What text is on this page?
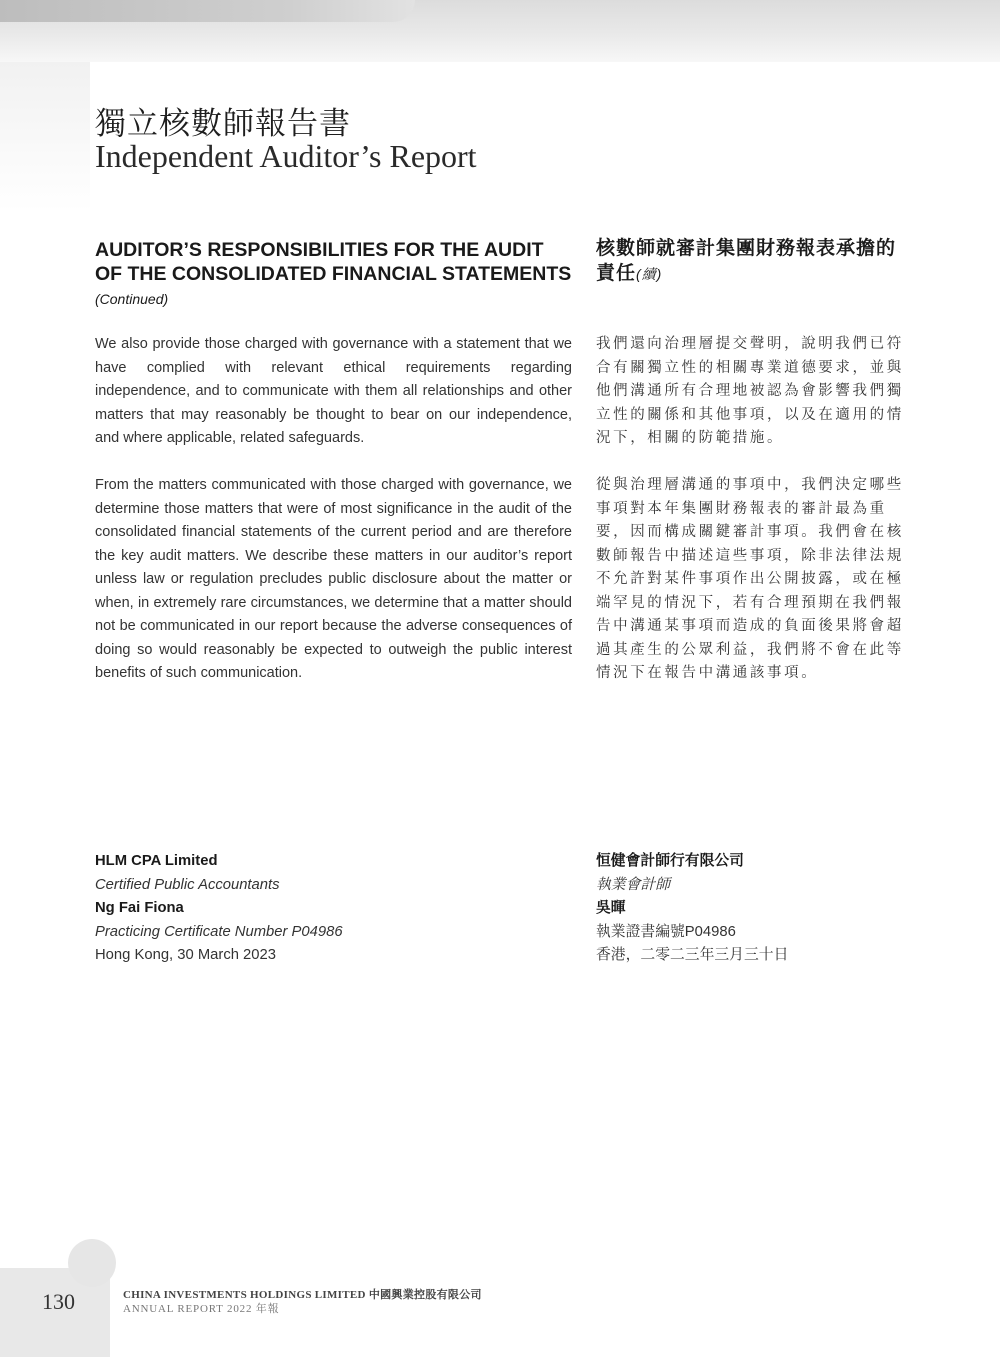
獨立核數師報告書
Independent Auditor’s Report
AUDITOR’S RESPONSIBILITIES FOR THE AUDIT OF THE CONSOLIDATED FINANCIAL STATEMENTS (Continued)
核數師就審計集團財務報表承擔的責任(續)

We also provide those charged with governance with a statement that we have complied with relevant ethical requirements regarding independence, and to communicate with them all relationships and other matters that may reasonably be thought to bear on our independence, and where applicable, related safeguards.

From the matters communicated with those charged with governance, we determine those matters that were of most significance in the audit of the consolidated financial statements of the current period and are therefore the key audit matters. We describe these matters in our auditor’s report unless law or regulation precludes public disclosure about the matter or when, in extremely rare circumstances, we determine that a matter should not be communicated in our report because the adverse consequences of doing so would reasonably be expected to outweigh the public interest benefits of such communication.

我們還向治理層提交聲明，說明我們已符合有關獨立性的相關專業道德要求，並與他們溝通所有合理地被認為會影響我們獨立性的關係和其他事項，以及在適用的情況下，相關的防範措施。

從與治理層溝通的事項中，我們決定哪些事項對本年集團財務報表的審計最為重要，因而構成關鍵審計事項。我們會在核數師報告中描述這些事項，除非法律法規不允許對某件事項作出公開披露，或在極端罕見的情況下，若有合理預期在我們報告中溝通某事項而造成的負面後果將會超過其產生的公眾利益，我們將不會在此等情況下在報告中溝通該事項。

HLM CPA Limited
Certified Public Accountants
Ng Fai Fiona
Practicing Certificate Number P04986
Hong Kong, 30 March 2023
恒健會計師行有限公司
執業會計師
吳暉
執業證書編號P04986
香港，二零二三年三月三十日
130	CHINA INVESTMENTS HOLDINGS LIMITED 中國興業控股有限公司
ANNUAL REPORT 2022 年報
